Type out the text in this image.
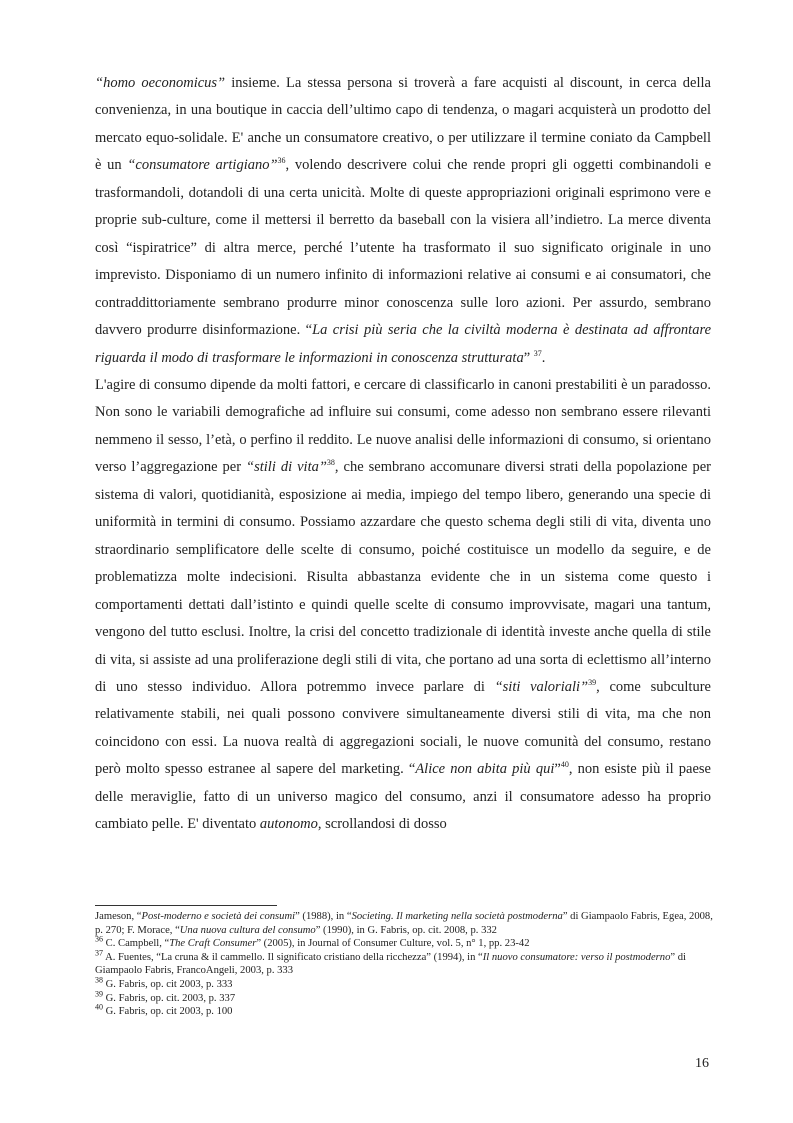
“homo oeconomicus” insieme. La stessa persona si troverà a fare acquisti al discount, in cerca della convenienza, in una boutique in caccia dell’ultimo capo di tendenza, o magari acquisterà un prodotto del mercato equo-solidale. E' anche un consumatore creativo, o per utilizzare il termine coniato da Campbell è un “consumatore artigiano”$^{36}$, volendo descrivere colui che rende propri gli oggetti combinandoli e trasformandoli, dotandoli di una certa unicità. Molte di queste appropriazioni originali esprimono vere e proprie sub-culture, come il mettersi il berretto da baseball con la visiera all’indietro. La merce diventa così “ispiratrice” di altra merce, perché l’utente ha trasformato il suo significato originale in uno imprevisto. Disponiamo di un numero infinito di informazioni relative ai consumi e ai consumatori, che contraddittoriamente sembrano produrre minor conoscenza sulle loro azioni. Per assurdo, sembrano davvero produrre disinformazione. “La crisi più seria che la civiltà moderna è destinata ad affrontare riguarda il modo di trasformare le informazioni in conoscenza strutturata” $^{37}$.

L'agire di consumo dipende da molti fattori, e cercare di classificarlo in canoni prestabiliti è un paradosso. Non sono le variabili demografiche ad influire sui consumi, come adesso non sembrano essere rilevanti nemmeno il sesso, l’età, o perfino il reddito. Le nuove analisi delle informazioni di consumo, si orientano verso l’aggregazione per “stili di vita”$^{38}$, che sembrano accomunare diversi strati della popolazione per sistema di valori, quotidianità, esposizione ai media, impiego del tempo libero, generando una specie di uniformità in termini di consumo. Possiamo azzardare che questo schema degli stili di vita, diventa uno straordinario semplificatore delle scelte di consumo, poiché costituisce un modello da seguire, e de problematizza molte indecisioni. Risulta abbastanza evidente che in un sistema come questo i comportamenti dettati dall’istinto e quindi quelle scelte di consumo improvvisate, magari una tantum, vengono del tutto esclusi. Inoltre, la crisi del concetto tradizionale di identità investe anche quella di stile di vita, si assiste ad una proliferazione degli stili di vita, che portano ad una sorta di eclettismo all’interno di uno stesso individuo. Allora potremmo invece parlare di “siti valoriali”$^{39}$, come subculture relativamente stabili, nei quali possono convivere simultaneamente diversi stili di vita, ma che non coincidono con essi. La nuova realtà di aggregazioni sociali, le nuove comunità del consumo, restano però molto spesso estranee al sapere del marketing. “Alice non abita più qui”$^{40}$, non esiste più il paese delle meraviglie, fatto di un universo magico del consumo, anzi il consumatore adesso ha proprio cambiato pelle. E' diventato autonomo, scrollandosi di dosso

Jameson, “Post-moderno e società dei consumi” (1988), in “Societing. Il marketing nella società postmoderna” di Giampaolo Fabris, Egea, 2008, p. 270; F. Morace, “Una nuova cultura del consumo” (1990), in G. Fabris, op. cit. 2008, p. 332

$^{36}$ C. Campbell, “The Craft Consumer” (2005), in Journal of Consumer Culture, vol. 5, n° 1, pp. 23-42

$^{37}$ A. Fuentes, “La cruna & il cammello. Il significato cristiano della ricchezza” (1994), in “Il nuovo consumatore: verso il postmoderno” di Giampaolo Fabris, FrancoAngeli, 2003, p. 333

$^{38}$ G. Fabris, op. cit 2003, p. 333

$^{39}$ G. Fabris, op. cit. 2003, p. 337

$^{40}$ G. Fabris, op. cit 2003, p. 100

16
